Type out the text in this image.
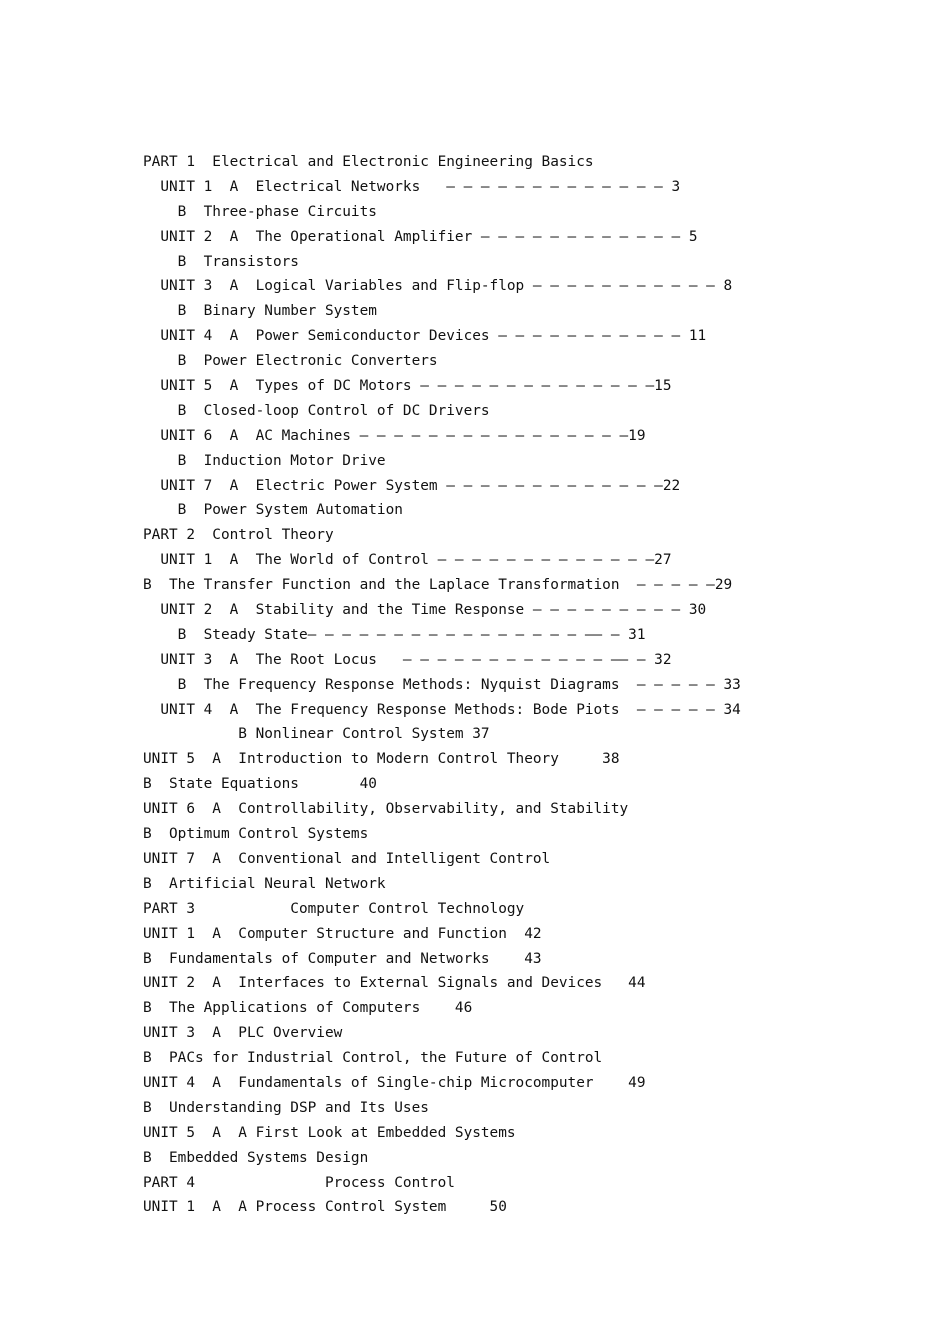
PART 1  Electrical and Electronic Engineering Basics
UNIT 1  A  Electrical Networks   — — — — — — — — — — — — — 3
B  Three-phase Circuits
UNIT 2  A  The Operational Amplifier — — — — — — — — — — — — 5
B  Transistors
UNIT 3  A  Logical Variables and Flip-flop — — — — — — — — — — — 8
B  Binary Number System
UNIT 4  A  Power Semiconductor Devices — — — — — — — — — — — 11
B  Power Electronic Converters
UNIT 5  A  Types of DC Motors — — — — — — — — — — — — — —15
B  Closed-loop Control of DC Drivers
UNIT 6  A  AC Machines — — — — — — — — — — — — — — — —19
B  Induction Motor Drive
UNIT 7  A  Electric Power System — — — — — — — — — — — — —22
B  Power System Automation
PART 2  Control Theory
UNIT 1  A  The World of Control — — — — — — — — — — — — —27
B  The Transfer Function and the Laplace Transformation  — — — — —29
UNIT 2  A  Stability and the Time Response — — — — — — — — — 30
B  Steady State— — — — — — — — — — — — — — — — —— — 31
UNIT 3  A  The Root Locus   — — — — — — — — — — — — —— — 32
B  The Frequency Response Methods: Nyquist Diagrams  — — — — — 33
UNIT 4  A  The Frequency Response Methods: Bode Piots  — — — — — 34
B Nonlinear Control System 37
UNIT 5  A  Introduction to Modern Control Theory     38
B  State Equations       40
UNIT 6  A  Controllability, Observability, and Stability
B  Optimum Control Systems
UNIT 7  A  Conventional and Intelligent Control
B  Artificial Neural Network
PART 3           Computer Control Technology
UNIT 1  A  Computer Structure and Function  42
B  Fundamentals of Computer and Networks    43
UNIT 2  A  Interfaces to External Signals and Devices   44
B  The Applications of Computers    46
UNIT 3  A  PLC Overview
B  PACs for Industrial Control, the Future of Control
UNIT 4  A  Fundamentals of Single-chip Microcomputer    49
B  Understanding DSP and Its Uses
UNIT 5  A  A First Look at Embedded Systems
B  Embedded Systems Design
PART 4               Process Control
UNIT 1  A  A Process Control System     50
